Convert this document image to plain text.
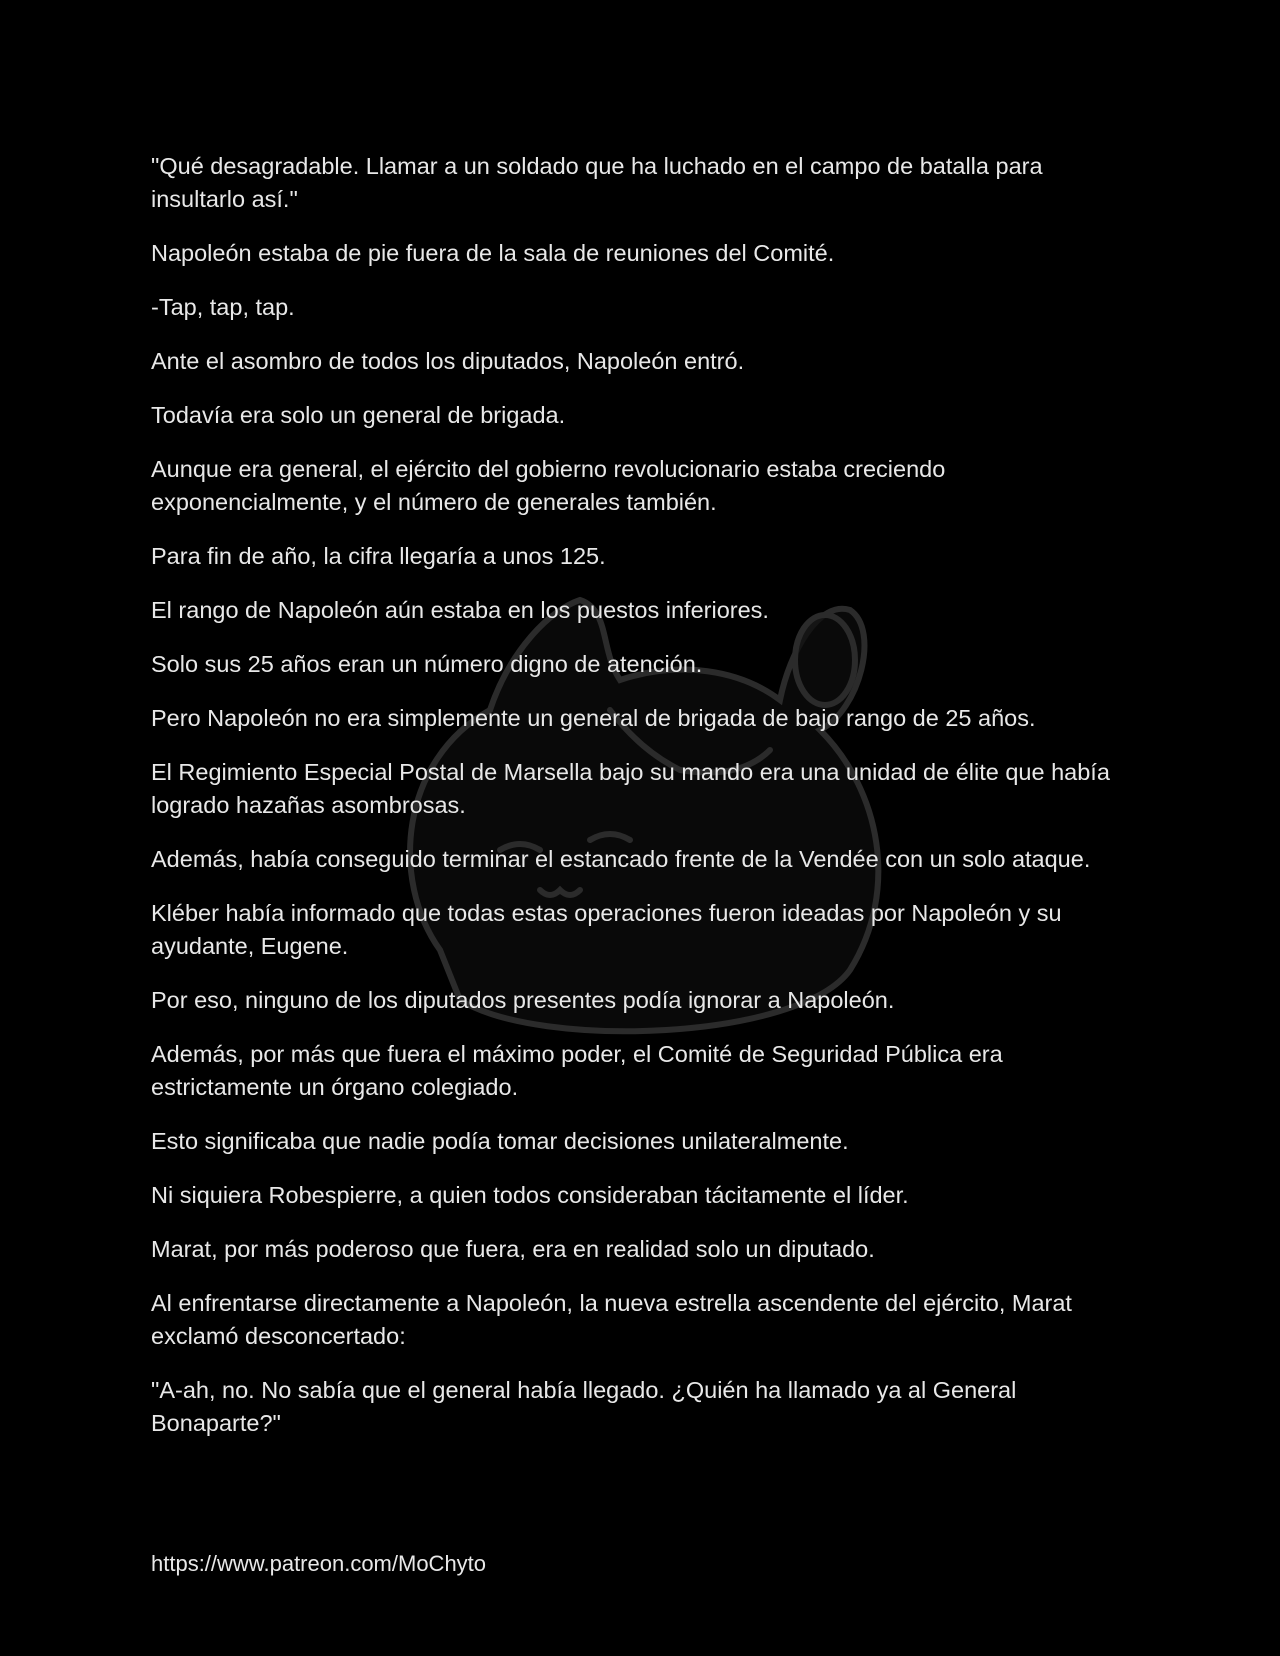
"Qué desagradable. Llamar a un soldado que ha luchado en el campo de batalla para insultarlo así."

Napoleón estaba de pie fuera de la sala de reuniones del Comité.

-Tap, tap, tap.

Ante el asombro de todos los diputados, Napoleón entró.

Todavía era solo un general de brigada.

Aunque era general, el ejército del gobierno revolucionario estaba creciendo exponencialmente, y el número de generales también.

Para fin de año, la cifra llegaría a unos 125.

El rango de Napoleón aún estaba en los puestos inferiores.

Solo sus 25 años eran un número digno de atención.

Pero Napoleón no era simplemente un general de brigada de bajo rango de 25 años.

El Regimiento Especial Postal de Marsella bajo su mando era una unidad de élite que había logrado hazañas asombrosas.

Además, había conseguido terminar el estancado frente de la Vendée con un solo ataque.

Kléber había informado que todas estas operaciones fueron ideadas por Napoleón y su ayudante, Eugene.

Por eso, ninguno de los diputados presentes podía ignorar a Napoleón.

Además, por más que fuera el máximo poder, el Comité de Seguridad Pública era estrictamente un órgano colegiado.

Esto significaba que nadie podía tomar decisiones unilateralmente.

Ni siquiera Robespierre, a quien todos consideraban tácitamente el líder.

Marat, por más poderoso que fuera, era en realidad solo un diputado.

Al enfrentarse directamente a Napoleón, la nueva estrella ascendente del ejército, Marat exclamó desconcertado:

"A-ah, no. No sabía que el general había llegado. ¿Quién ha llamado ya al General Bonaparte?"

https://www.patreon.com/MoChyto
